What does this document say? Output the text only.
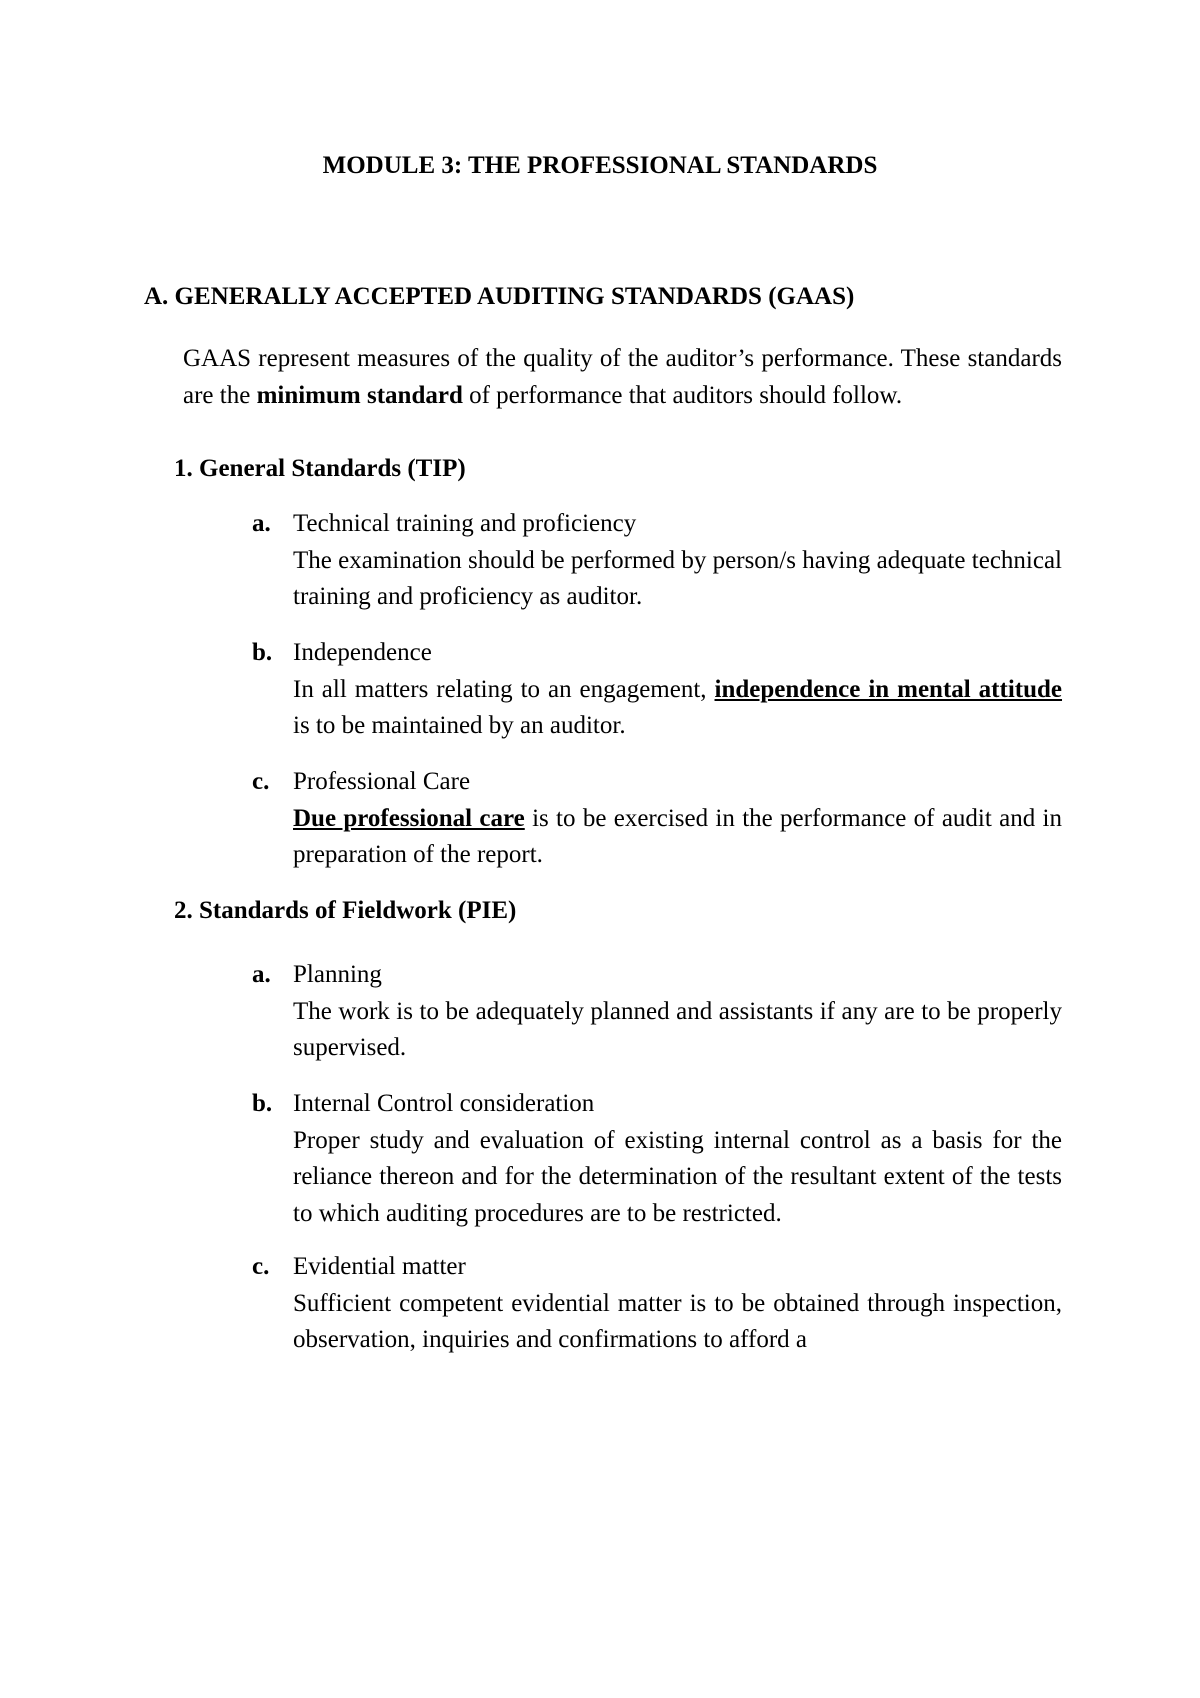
MODULE 3: THE PROFESSIONAL STANDARDS
A. GENERALLY ACCEPTED AUDITING STANDARDS (GAAS)
GAAS represent measures of the quality of the auditor’s performance. These standards are the minimum standard of performance that auditors should follow.
1. General Standards (TIP)
a. Technical training and proficiency
The examination should be performed by person/s having adequate technical training and proficiency as auditor.
b. Independence
In all matters relating to an engagement, independence in mental attitude is to be maintained by an auditor.
c. Professional Care
Due professional care is to be exercised in the performance of audit and in preparation of the report.
2. Standards of Fieldwork (PIE)
a. Planning
The work is to be adequately planned and assistants if any are to be properly supervised.
b. Internal Control consideration
Proper study and evaluation of existing internal control as a basis for the reliance thereon and for the determination of the resultant extent of the tests to which auditing procedures are to be restricted.
c. Evidential matter
Sufficient competent evidential matter is to be obtained through inspection, observation, inquiries and confirmations to afford a
